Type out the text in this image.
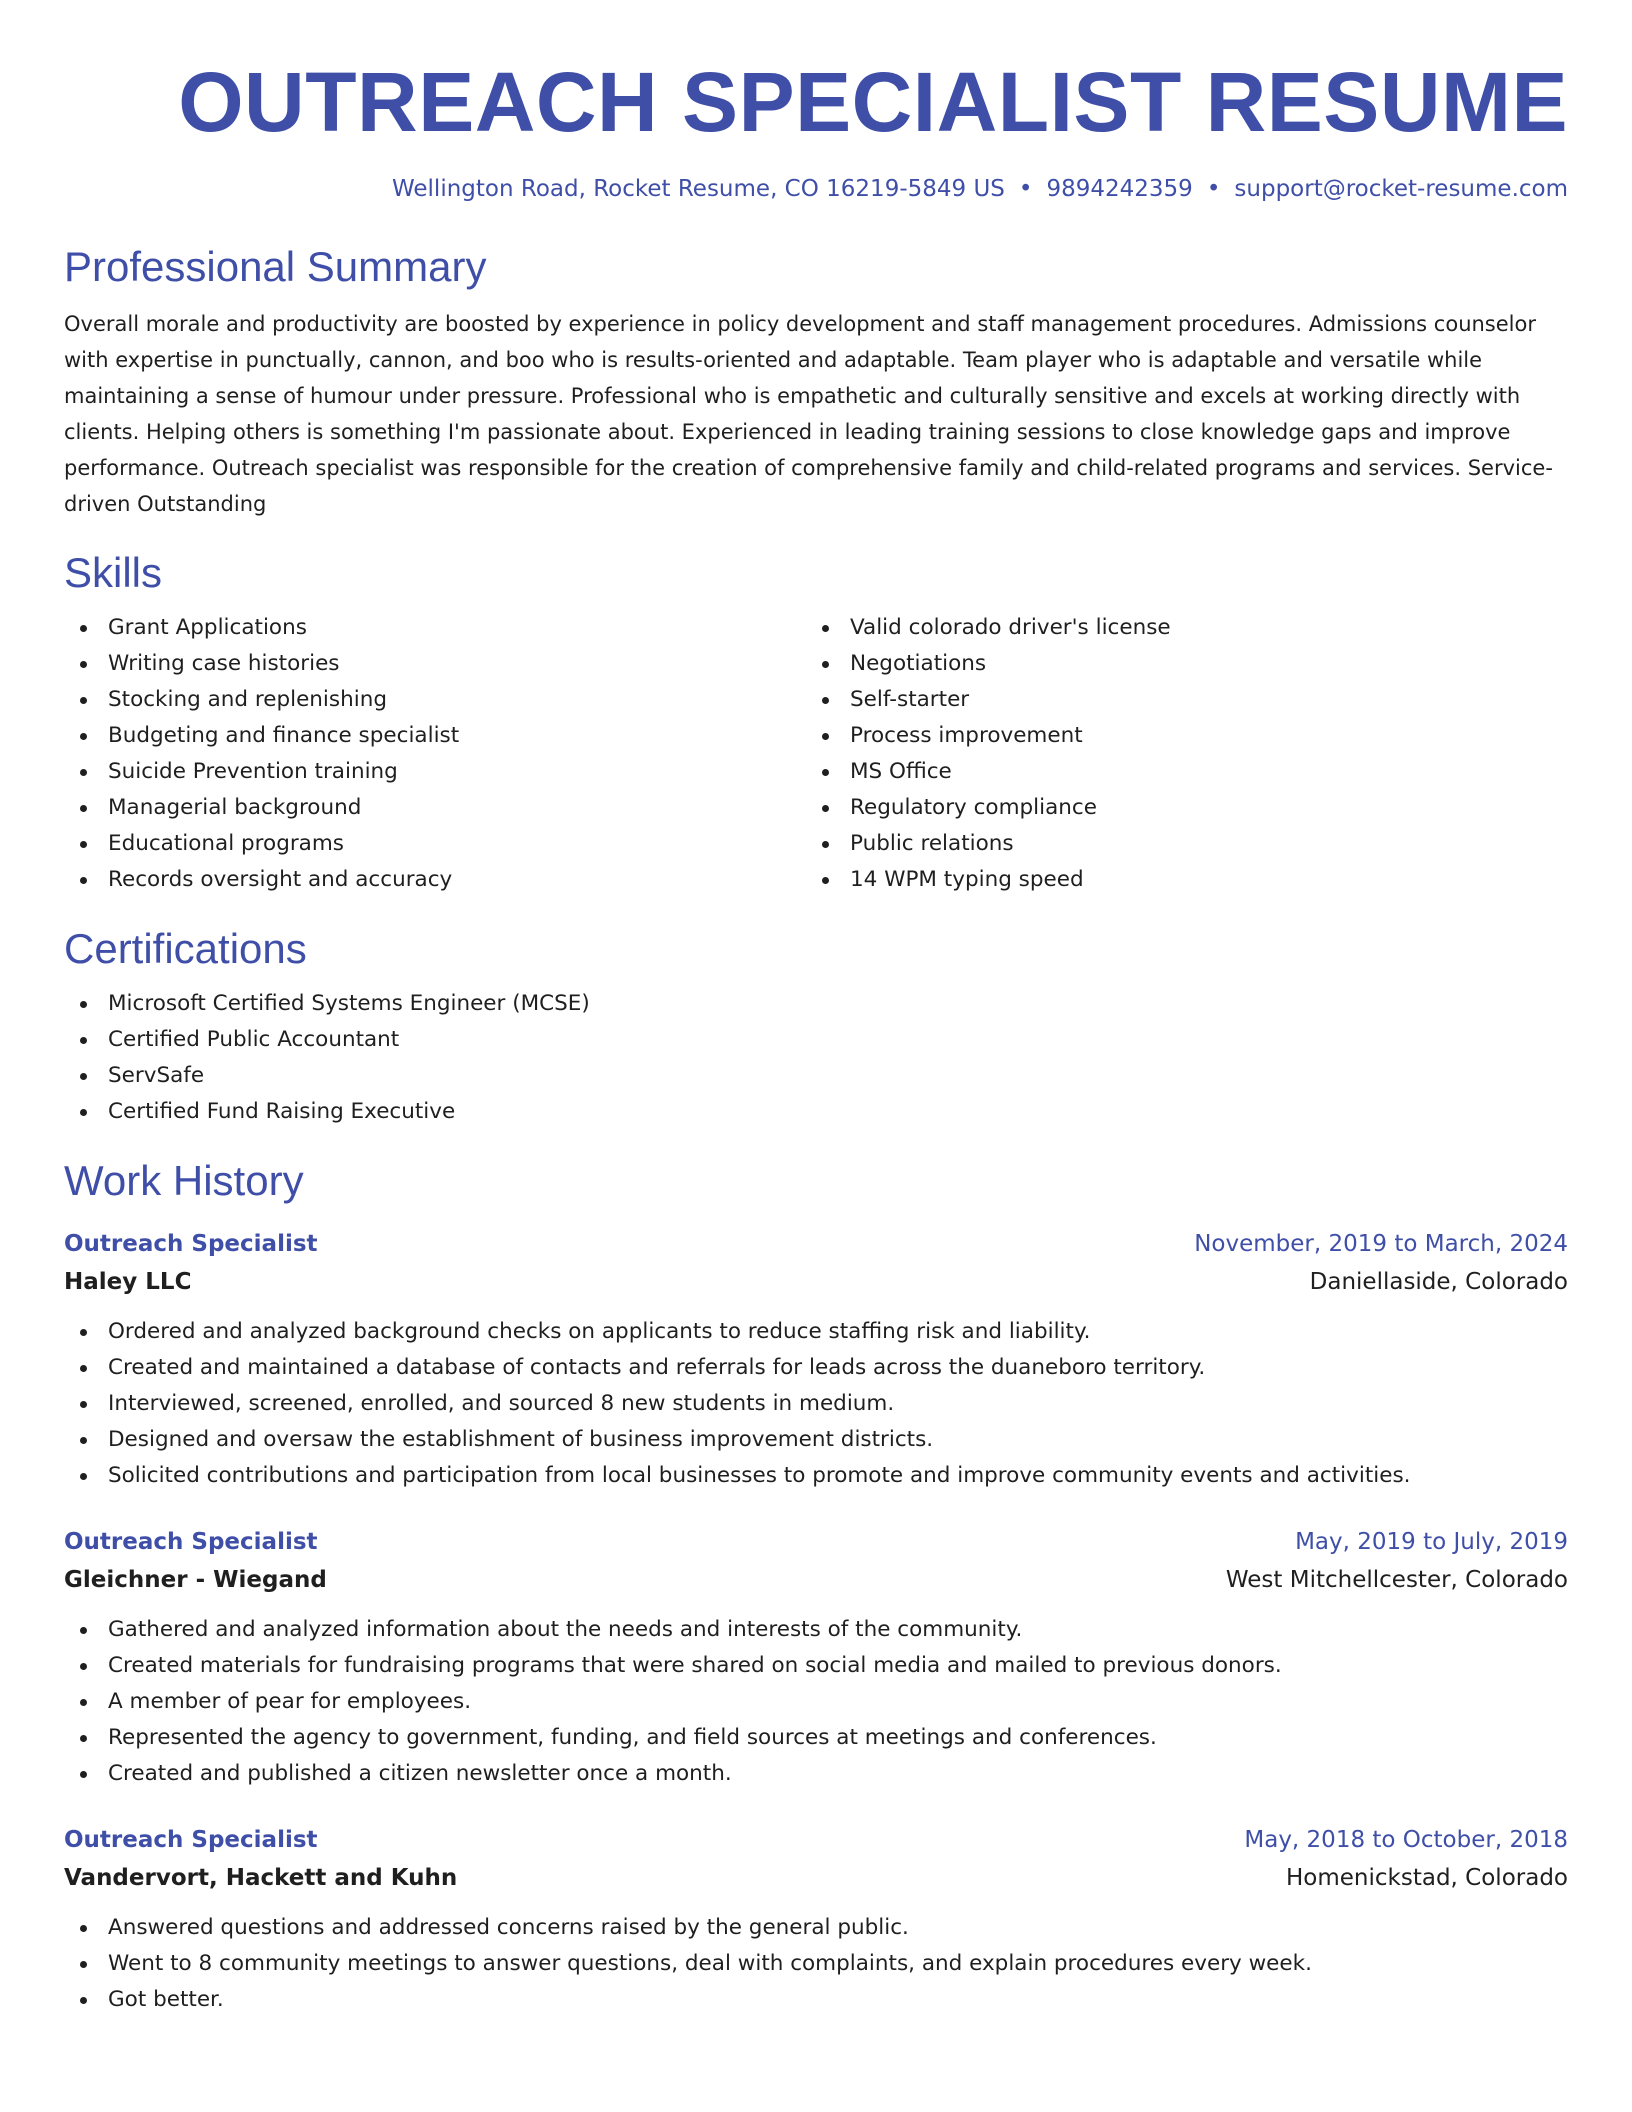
OUTREACH SPECIALIST RESUME
Wellington Road, Rocket Resume, CO 16219-5849 US • 9894242359 • support@rocket-resume.com
Professional Summary

Overall morale and productivity are boosted by experience in policy development and staff management procedures. Admissions counselor with expertise in punctually, cannon, and boo who is results-oriented and adaptable. Team player who is adaptable and versatile while maintaining a sense of humour under pressure. Professional who is empathetic and culturally sensitive and excels at working directly with clients. Helping others is something I'm passionate about. Experienced in leading training sessions to close knowledge gaps and improve performance. Outreach specialist was responsible for the creation of comprehensive family and child-related programs and services. Service-driven Outstanding

Skills
Grant Applications
Writing case histories
Stocking and replenishing
Budgeting and finance specialist
Suicide Prevention training
Managerial background
Educational programs
Records oversight and accuracy
Valid colorado driver's license
Negotiations
Self-starter
Process improvement
MS Office
Regulatory compliance
Public relations
14 WPM typing speed
Certifications
Microsoft Certified Systems Engineer (MCSE)
Certified Public Accountant
ServSafe
Certified Fund Raising Executive
Work History
Outreach Specialist	November, 2019 to March, 2024
Haley LLC	Daniellaside, Colorado
Ordered and analyzed background checks on applicants to reduce staffing risk and liability.
Created and maintained a database of contacts and referrals for leads across the duaneboro territory.
Interviewed, screened, enrolled, and sourced 8 new students in medium.
Designed and oversaw the establishment of business improvement districts.
Solicited contributions and participation from local businesses to promote and improve community events and activities.
Outreach Specialist	May, 2019 to July, 2019
Gleichner - Wiegand	West Mitchellcester, Colorado
Gathered and analyzed information about the needs and interests of the community.
Created materials for fundraising programs that were shared on social media and mailed to previous donors.
A member of pear for employees.
Represented the agency to government, funding, and field sources at meetings and conferences.
Created and published a citizen newsletter once a month.
Outreach Specialist	May, 2018 to October, 2018
Vandervort, Hackett and Kuhn	Homenickstad, Colorado
Answered questions and addressed concerns raised by the general public.
Went to 8 community meetings to answer questions, deal with complaints, and explain procedures every week.
Got better.
